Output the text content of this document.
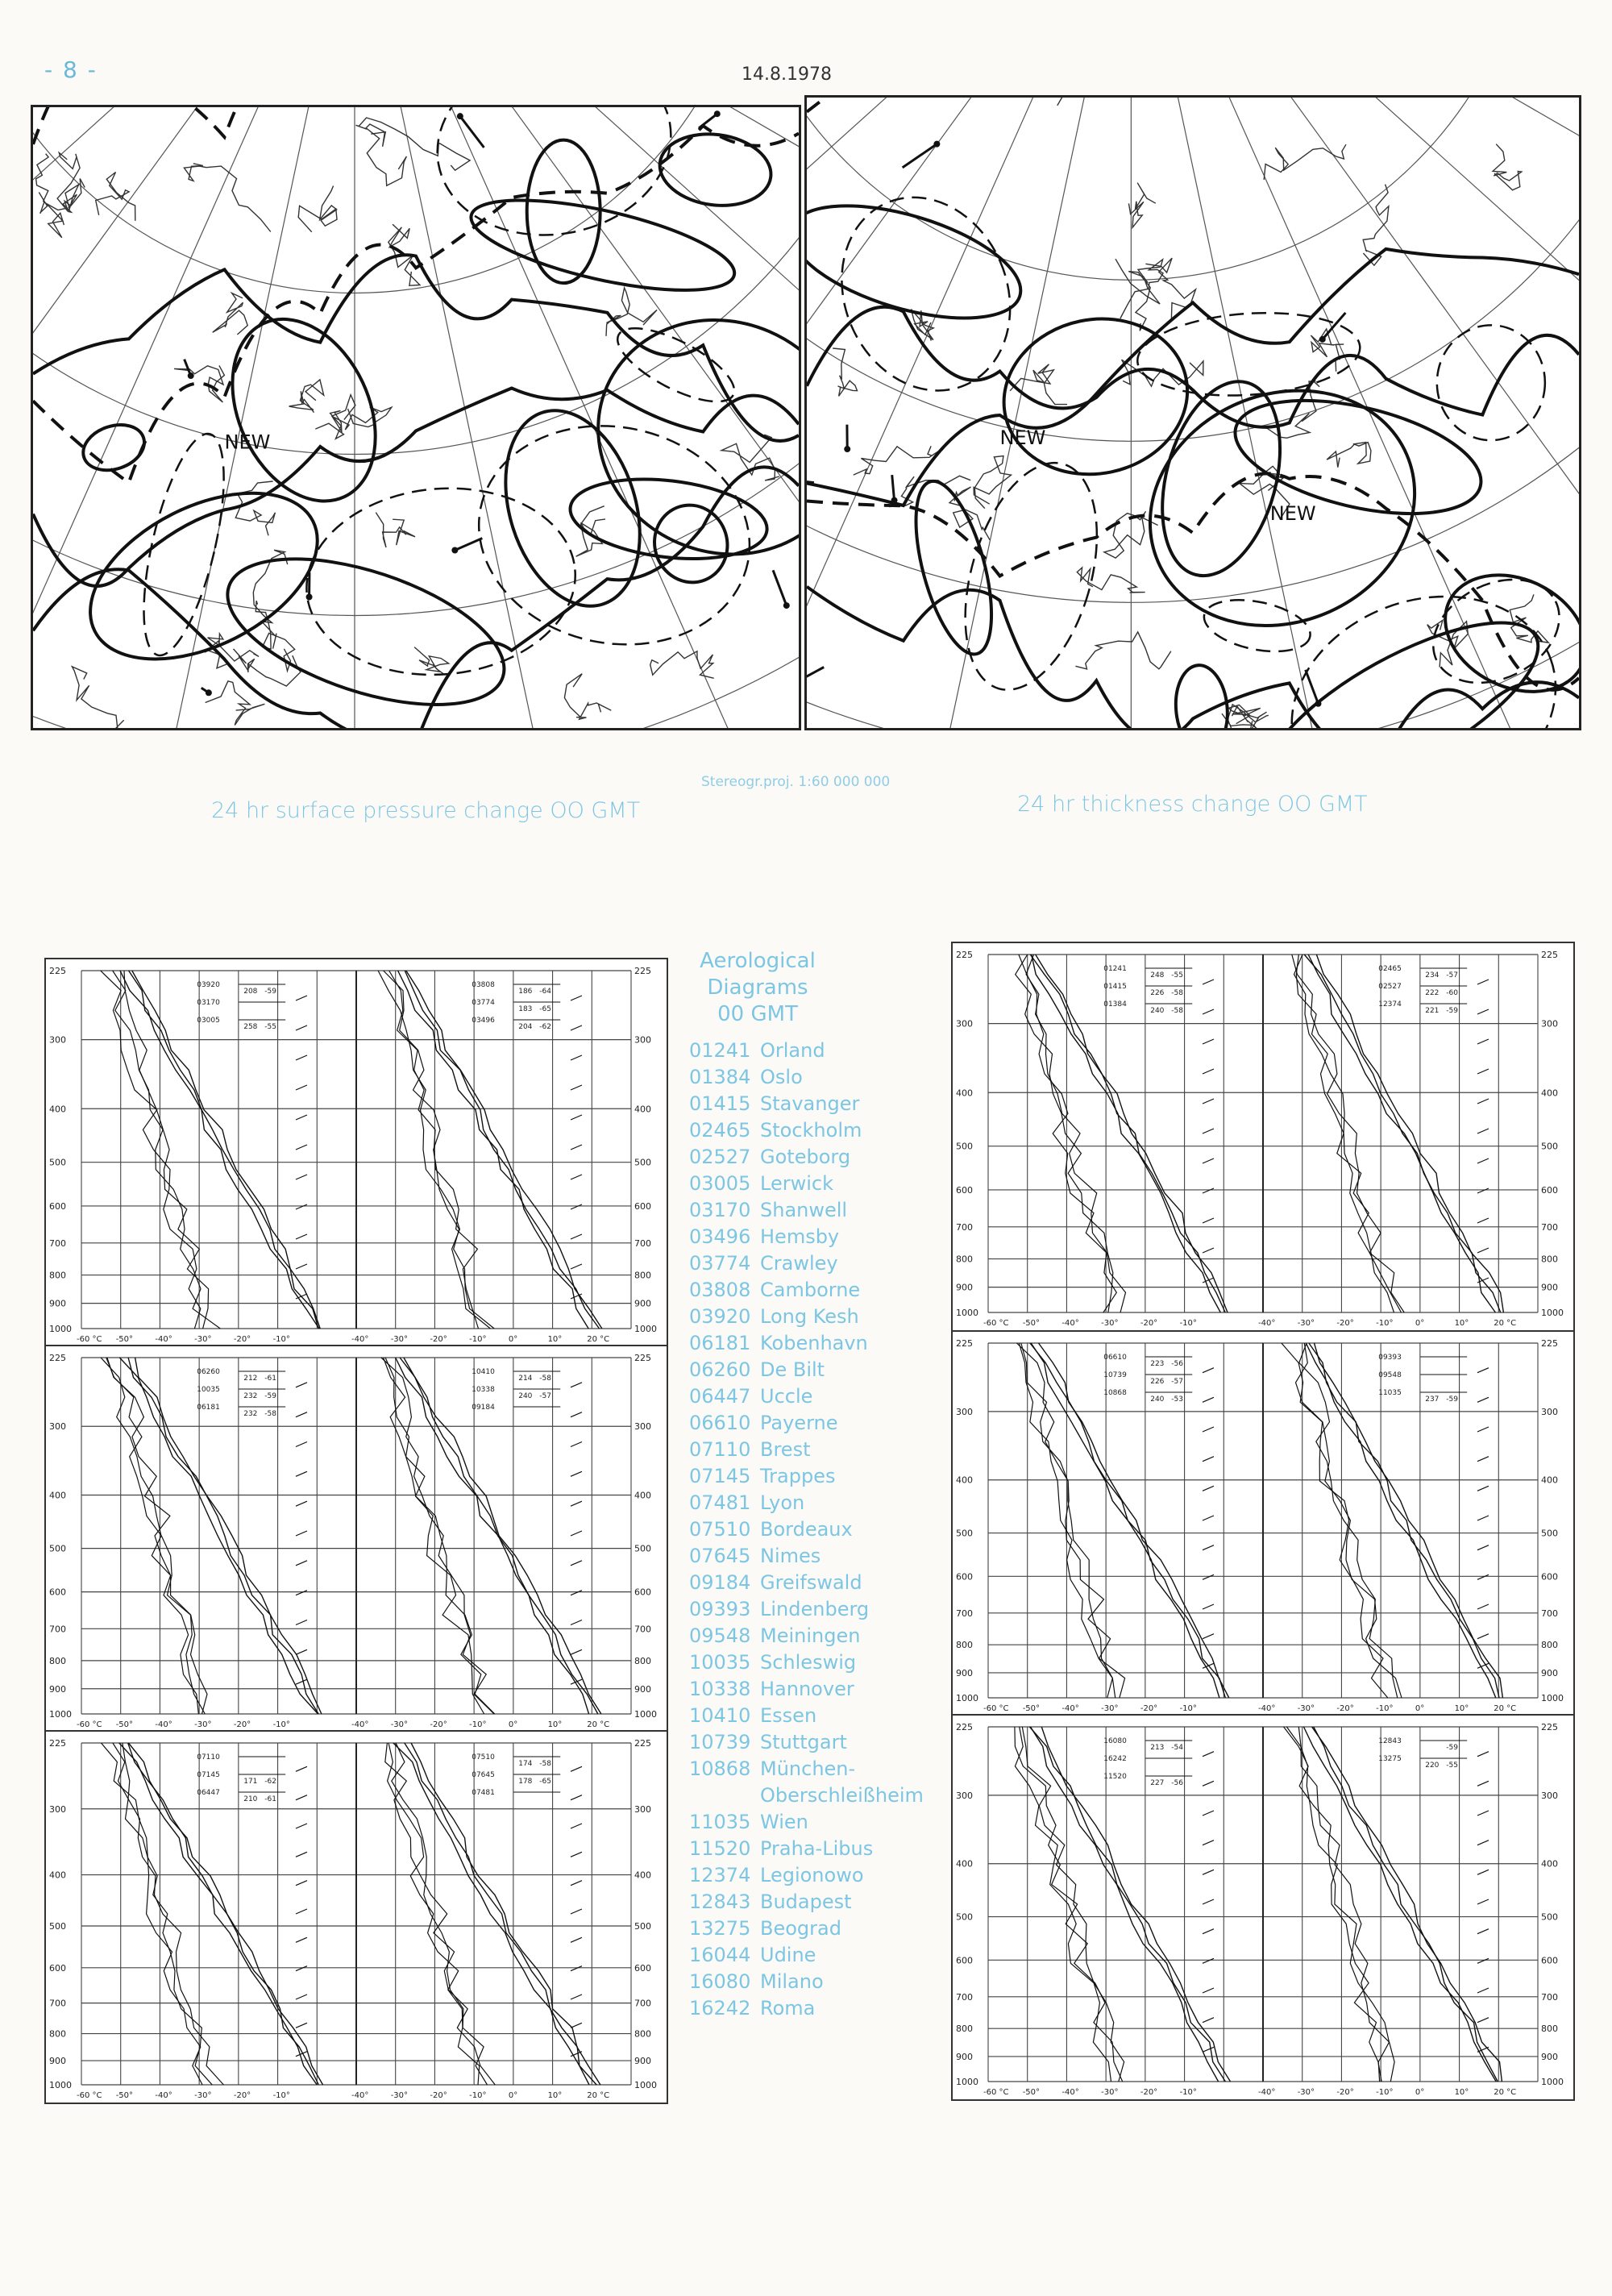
- 8 -	14.8.1978
NEW	NEW
NEW
Stereogr.proj. 1:60 000 000
24 hr surface pressure change OO GMT	24 hr thickness change OO GMT
225	225
300	300
400	400
500	500
600	600
700	700
800	800
900	900
1000	1000
-60 °C -50°	-40°	-30°	-20°	-10°	-40°	-30°	-20°	-10°	0°	10°	20 °C
03920
208 -59
03170
03005
258 -55
03808
186 -64
03774
183 -65
03496
204 -62
225	225
300	300
400	400
500	500
600	600
700	700
800	800
900	900
1000	1000
-60 °C -50°	-40°	-30°	-20°	-10°	-40°	-30°	-20°	-10°	0°	10°	20 °C
06260
212 -61
10035
232 -59
06181
232 -58
10410
214 -58
10338
240 -57
09184
225	225
300	300
400	400
500	500
600	600
700	700
800	800
900	900
1000	1000
-60 °C -50°	-40°	-30°	-20°	-10°	-40°	-30°	-20°	-10°	0°	10°	20 °C
07110
07145
171 -62
06447
210 -61
07510
174 -58
07645
178 -65
07481
225	225
300	300
400	400
500	500
600	600
700	700
800	800
900	900
1000	1000
-60 °C -50°	-40°	-30°	-20°	-10°	-40°	-30°	-20°	-10°	0°	10°	20 °C
01241
248 -55
01415
226 -58
01384
240 -58
02465
234 -57
02527
222 -60
12374
221 -59
225	225
300	300
400	400
500	500
600	600
700	700
800	800
900	900
1000	1000
-60 °C -50°	-40°	-30°	-20°	-10°	-40°	-30°	-20°	-10°	0°	10°	20 °C
06610
223 -56
10739
226 -57
10868
240 -53
09393
09548
11035
237 -59
225	225
300	300
400	400
500	500
600	600
700	700
800	800
900	900
1000	1000
-60 °C -50°	-40°	-30°	-20°	-10°	-40°	-30°	-20°	-10°	0°	10°	20 °C
16080
213 -54
16242
11520
227 -56
12843
-59
13275
220 -55
Aerological
Diagrams
00 GMT
01241 Orland
01384 Oslo
01415 Stavanger
02465 Stockholm
02527 Goteborg
03005 Lerwick
03170 Shanwell
03496 Hemsby
03774 Crawley
03808 Camborne
03920 Long Kesh
06181 Kobenhavn
06260 De Bilt
06447 Uccle
06610 Payerne
07110 Brest
07145 Trappes
07481 Lyon
07510 Bordeaux
07645 Nimes
09184 Greifswald
09393 Lindenberg
09548 Meiningen
10035 Schleswig
10338 Hannover
10410 Essen
10739 Stuttgart
10868 München-
Oberschleißheim
11035 Wien
11520 Praha-Libus
12374 Legionowo
12843 Budapest
13275 Beograd
16044 Udine
16080 Milano
16242 Roma
